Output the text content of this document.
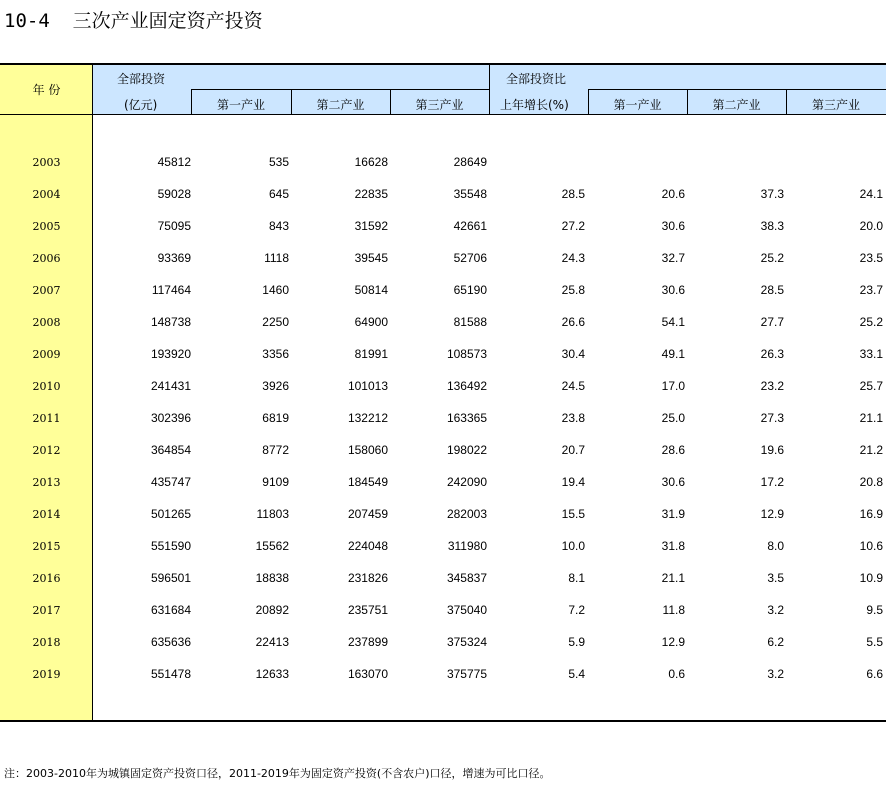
10-4  三次产业固定资产投资
年 份
全部投资
(亿元)	第一产业	第二产业	第三产业
全部投资比
上年增长(%)	第一产业	第二产业	第三产业
2003	45812	535	16628	28649
2004	59028	645	22835	35548	28.5	20.6	37.3	24.1
2005	75095	843	31592	42661	27.2	30.6	38.3	20.0
2006	93369	1118	39545	52706	24.3	32.7	25.2	23.5
2007	117464	1460	50814	65190	25.8	30.6	28.5	23.7
2008	148738	2250	64900	81588	26.6	54.1	27.7	25.2
2009	193920	3356	81991	108573	30.4	49.1	26.3	33.1
2010	241431	3926	101013	136492	24.5	17.0	23.2	25.7
2011	302396	6819	132212	163365	23.8	25.0	27.3	21.1
2012	364854	8772	158060	198022	20.7	28.6	19.6	21.2
2013	435747	9109	184549	242090	19.4	30.6	17.2	20.8
2014	501265	11803	207459	282003	15.5	31.9	12.9	16.9
2015	551590	15562	224048	311980	10.0	31.8	8.0	10.6
2016	596501	18838	231826	345837	8.1	21.1	3.5	10.9
2017	631684	20892	235751	375040	7.2	11.8	3.2	9.5
2018	635636	22413	237899	375324	5.9	12.9	6.2	5.5
2019	551478	12633	163070	375775	5.4	0.6	3.2	6.6
注：2003-2010年为城镇固定资产投资口径，2011-2019年为固定资产投资(不含农户)口径，增速为可比口径。
